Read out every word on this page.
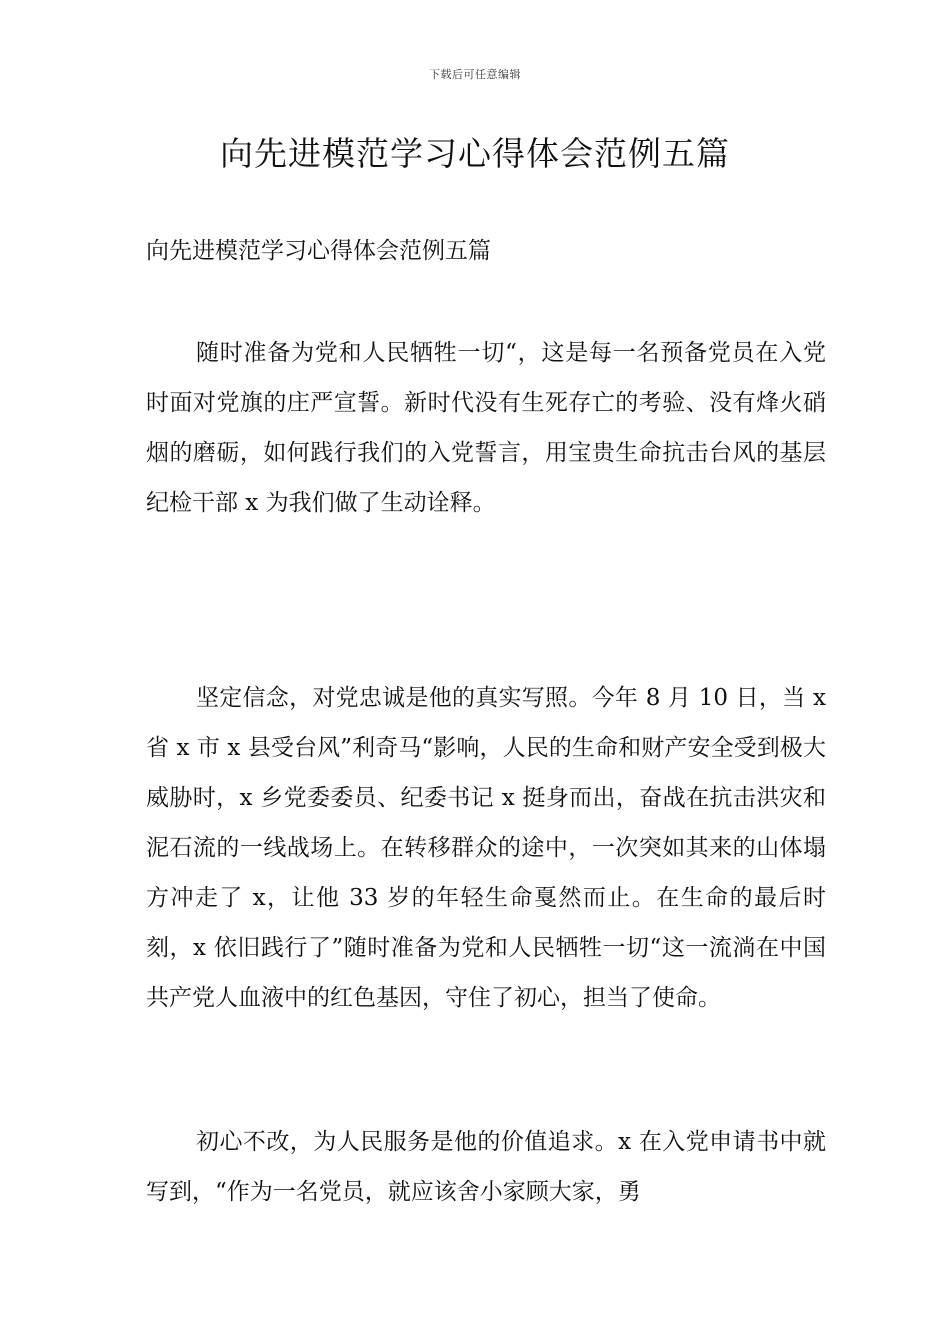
下载后可任意编辑
向先进模范学习心得体会范例五篇
向先进模范学习心得体会范例五篇
随时准备为党和人民牺牲一切“，这是每一名预备党员在入党时面对党旗的庄严宣誓。新时代没有生死存亡的考验、没有烽火硝烟的磨砺，如何践行我们的入党誓言，用宝贵生命抗击台风的基层纪检干部 x 为我们做了生动诠释。
坚定信念，对党忠诚是他的真实写照。今年 8 月 10 日，当 x 省 x 市 x 县受台风”利奇马“影响，人民的生命和财产安全受到极大威胁时，x 乡党委委员、纪委书记 x 挺身而出，奋战在抗击洪灾和泥石流的一线战场上。在转移群众的途中，一次突如其来的山体塌方冲走了 x，让他 33 岁的年轻生命戛然而止。在生命的最后时刻，x 依旧践行了”随时准备为党和人民牺牲一切“这一流淌在中国共产党人血液中的红色基因，守住了初心，担当了使命。
初心不改，为人民服务是他的价值追求。x 在入党申请书中就写到，“作为一名党员，就应该舍小家顾大家，勇
